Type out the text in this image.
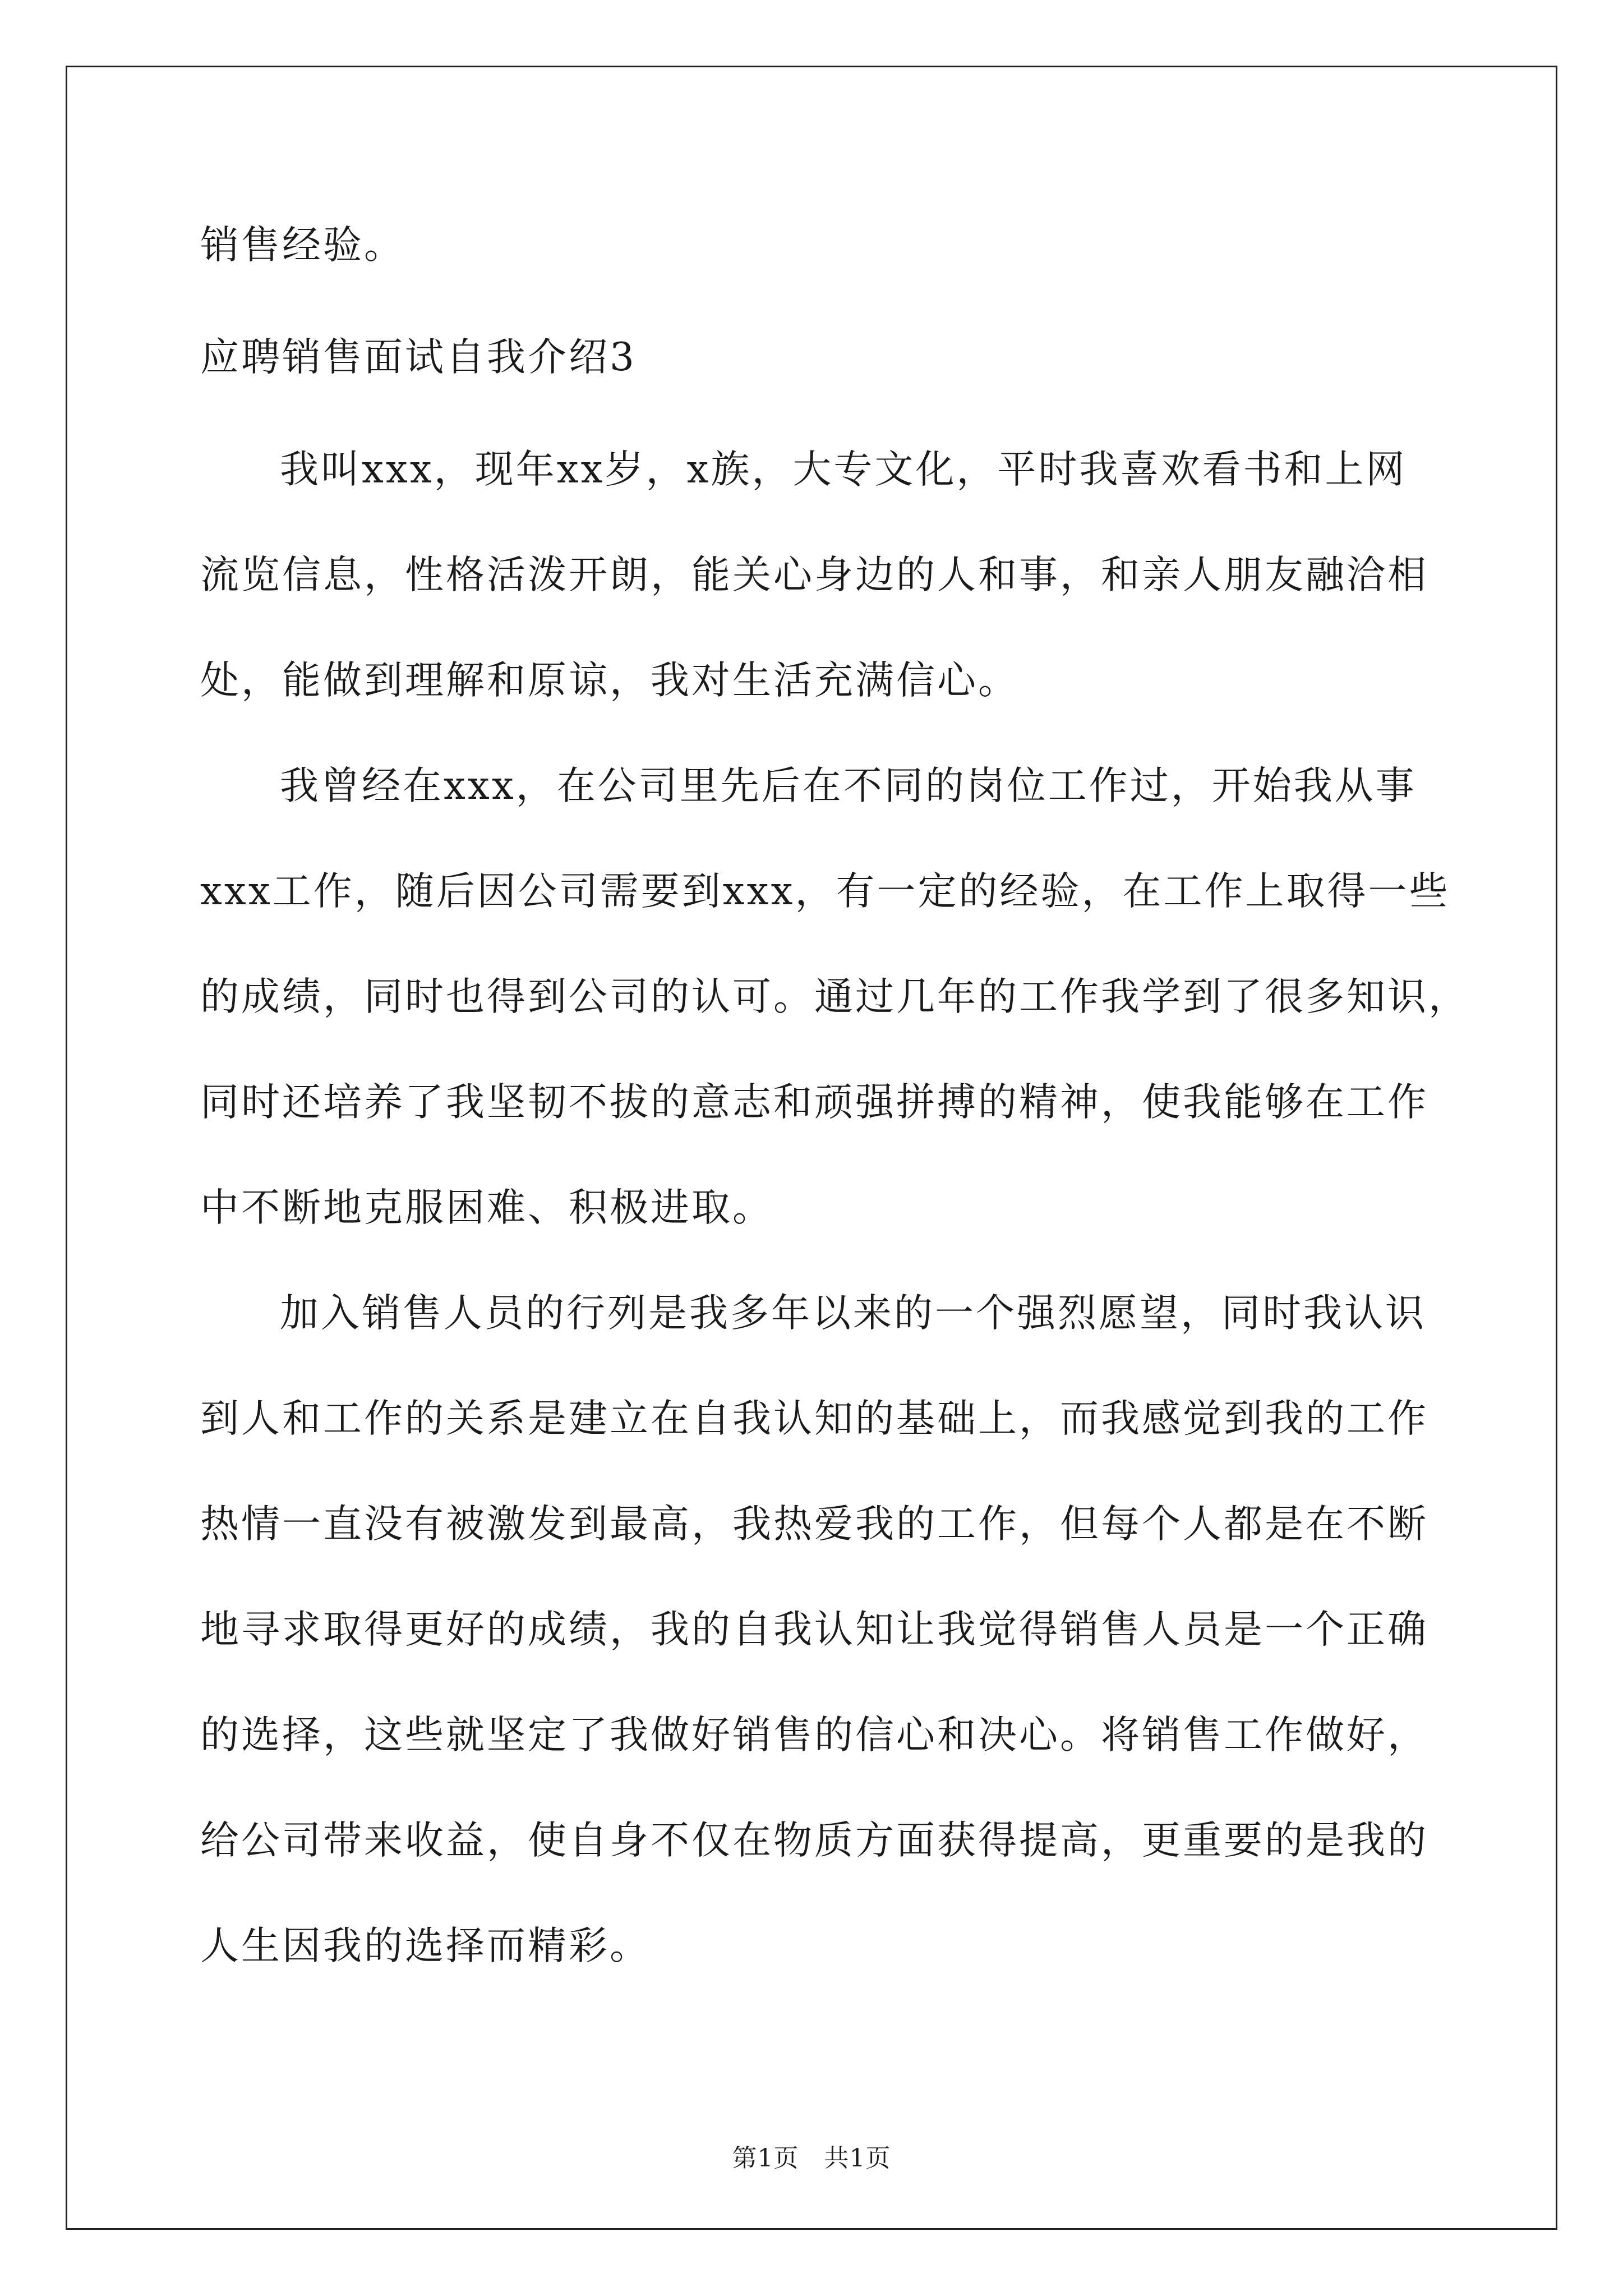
销售经验。
应聘销售面试自我介绍3
我叫xxx，现年xx岁，x族，大专文化，平时我喜欢看书和上网
流览信息，性格活泼开朗，能关心身边的人和事，和亲人朋友融洽相
处，能做到理解和原谅，我对生活充满信心。
我曾经在xxx，在公司里先后在不同的岗位工作过，开始我从事
xxx工作，随后因公司需要到xxx，有一定的经验，在工作上取得一些
的成绩，同时也得到公司的认可。通过几年的工作我学到了很多知识，
同时还培养了我坚韧不拔的意志和顽强拼搏的精神，使我能够在工作
中不断地克服困难、积极进取。
加入销售人员的行列是我多年以来的一个强烈愿望，同时我认识
到人和工作的关系是建立在自我认知的基础上，而我感觉到我的工作
热情一直没有被激发到最高，我热爱我的工作，但每个人都是在不断
地寻求取得更好的成绩，我的自我认知让我觉得销售人员是一个正确
的选择，这些就坚定了我做好销售的信心和决心。将销售工作做好，
给公司带来收益，使自身不仅在物质方面获得提高，更重要的是我的
人生因我的选择而精彩。
第1页　共1页
